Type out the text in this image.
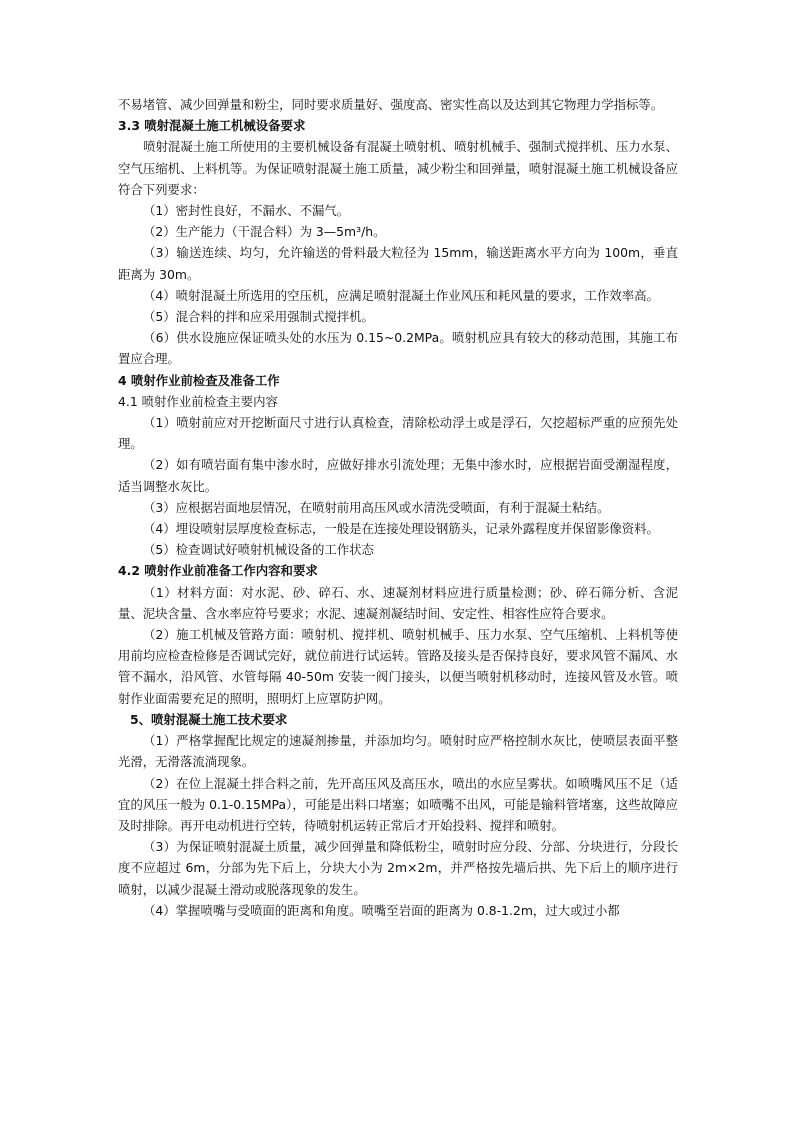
不易堵管、减少回弹量和粉尘，同时要求质量好、强度高、密实性高以及达到其它物理力学指标等。

3.3 喷射混凝土施工机械设备要求

喷射混凝土施工所使用的主要机械设备有混凝土喷射机、喷射机械手、强制式搅拌机、压力水泵、空气压缩机、上料机等。为保证喷射混凝土施工质量，减少粉尘和回弹量，喷射混凝土施工机械设备应符合下列要求：

（1）密封性良好，不漏水、不漏气。

（2）生产能力（干混合料）为 3—5m³/h。

（3）输送连续、均匀，允许输送的骨料最大粒径为 15mm，输送距离水平方向为 100m，垂直距离为 30m。

（4）喷射混凝土所选用的空压机，应满足喷射混凝土作业风压和耗风量的要求，工作效率高。

（5）混合料的拌和应采用强制式搅拌机。

（6）供水设施应保证喷头处的水压为 0.15~0.2MPa。喷射机应具有较大的移动范围，其施工布置应合理。

4 喷射作业前检查及准备工作

4.1 喷射作业前检查主要内容

（1）喷射前应对开挖断面尺寸进行认真检查，清除松动浮土或是浮石，欠挖超标严重的应预先处理。

（2）如有喷岩面有集中渗水时，应做好排水引流处理；无集中渗水时，应根据岩面受潮湿程度，适当调整水灰比。

（3）应根据岩面地层情况，在喷射前用高压风或水清洗受喷面，有利于混凝土粘结。

（4）埋设喷射层厚度检查标志，一般是在连接处理设钢筋头，记录外露程度并保留影像资料。

（5）检查调试好喷射机械设备的工作状态

4.2 喷射作业前准备工作内容和要求

（1）材料方面：对水泥、砂、碎石、水、速凝剂材料应进行质量检测；砂、碎石筛分析、含泥量、泥块含量、含水率应符号要求；水泥、速凝剂凝结时间、安定性、相容性应符合要求。

（2）施工机械及管路方面：喷射机、搅拌机、喷射机械手、压力水泵、空气压缩机、上料机等使用前均应检查检修是否调试完好，就位前进行试运转。管路及接头是否保持良好，要求风管不漏风、水管不漏水，沿风管、水管每隔 40-50m 安装一阀门接头，以便当喷射机移动时，连接风管及水管。喷射作业面需要充足的照明，照明灯上应罩防护网。

5、喷射混凝土施工技术要求

（1）严格掌握配比规定的速凝剂掺量，并添加均匀。喷射时应严格控制水灰比，使喷层表面平整光滑，无滑落流淌现象。

（2）在位上混凝土拌合料之前，先开高压风及高压水，喷出的水应呈雾状。如喷嘴风压不足（适宜的风压一般为 0.1-0.15MPa），可能是出料口堵塞；如喷嘴不出风，可能是输料管堵塞，这些故障应及时排除。再开电动机进行空转，待喷射机运转正常后才开始投料、搅拌和喷射。

（3）为保证喷射混凝土质量，减少回弹量和降低粉尘，喷射时应分段、分部、分块进行，分段长度不应超过 6m，分部为先下后上，分块大小为 2m×2m，并严格按先墙后拱、先下后上的顺序进行喷射，以减少混凝土滑动或脱落现象的发生。

（4）掌握喷嘴与受喷面的距离和角度。喷嘴至岩面的距离为 0.8-1.2m，过大或过小都
